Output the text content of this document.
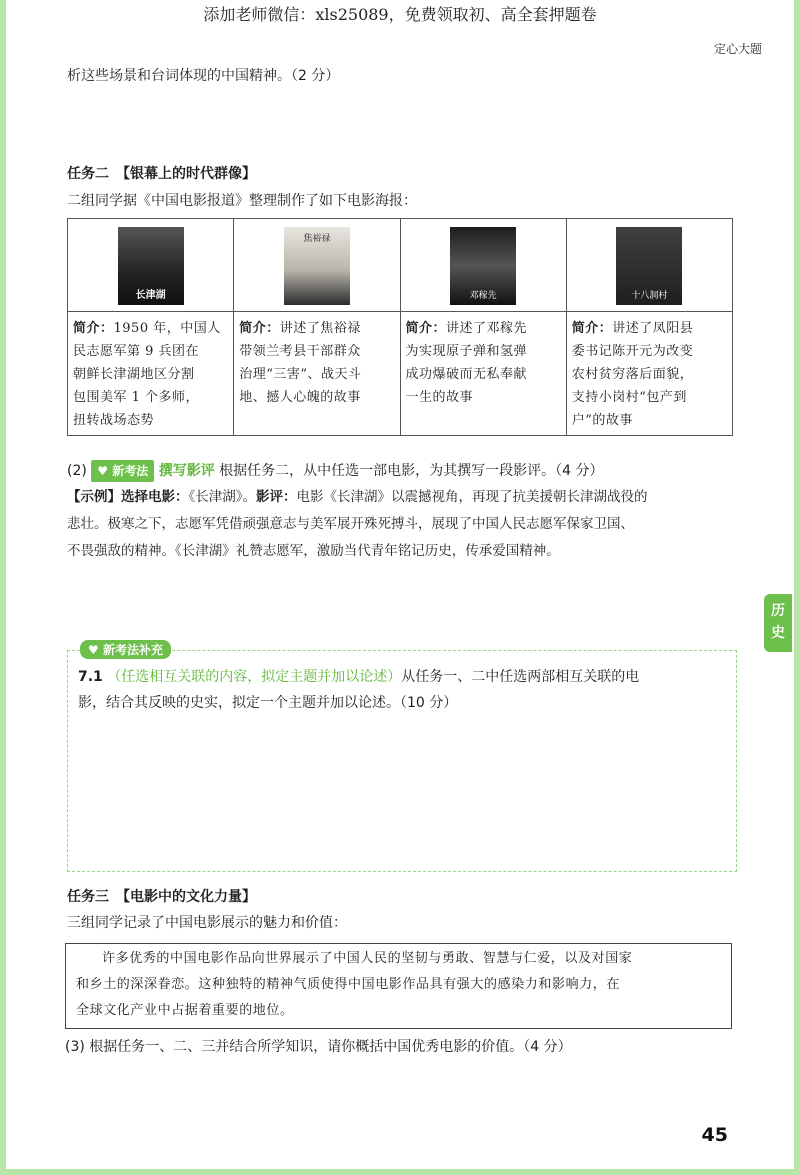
添加老师微信：xls25089，免费领取初、高全套押题卷
定心大题
析这些场景和台词体现的中国精神。（2 分）
任务二　【银幕上的时代群像】
二组同学据《中国电影报道》整理制作了如下电影海报：
长津湖	焦裕禄	邓稼先	十八洞村

简介：1950 年，中国人
民志愿军第 9 兵团在
朝鲜长津湖地区分割
包围美军 1 个多师，
扭转战场态势	简介：讲述了焦裕禄
带领兰考县干部群众
治理“三害”、战天斗
地、撼人心魄的故事	简介：讲述了邓稼先
为实现原子弹和氢弹
成功爆破而无私奉献
一生的故事	简介：讲述了凤阳县
委书记陈开元为改变
农村贫穷落后面貌，
支持小岗村“包产到
户”的故事
(2) ♥ 新考法 撰写影评 根据任务二，从中任选一部电影，为其撰写一段影评。（4 分）
【示例】选择电影：《长津湖》。影评：电影《长津湖》以震撼视角，再现了抗美援朝长津湖战役的
悲壮。极寒之下，志愿军凭借顽强意志与美军展开殊死搏斗，展现了中国人民志愿军保家卫国、
不畏强敌的精神。《长津湖》礼赞志愿军，激励当代青年铭记历史，传承爱国精神。
历
史
♥ 新考法补充
7.1 （任选相互关联的内容，拟定主题并加以论述）从任务一、二中任选两部相互关联的电
影，结合其反映的史实，拟定一个主题并加以论述。（10 分）
任务三　【电影中的文化力量】
三组同学记录了中国电影展示的魅力和价值：
许多优秀的中国电影作品向世界展示了中国人民的坚韧与勇敢、智慧与仁爱，以及对国家
和乡土的深深眷恋。这种独特的精神气质使得中国电影作品具有强大的感染力和影响力，在
全球文化产业中占据着重要的地位。
(3) 根据任务一、二、三并结合所学知识，请你概括中国优秀电影的价值。（4 分）
45
